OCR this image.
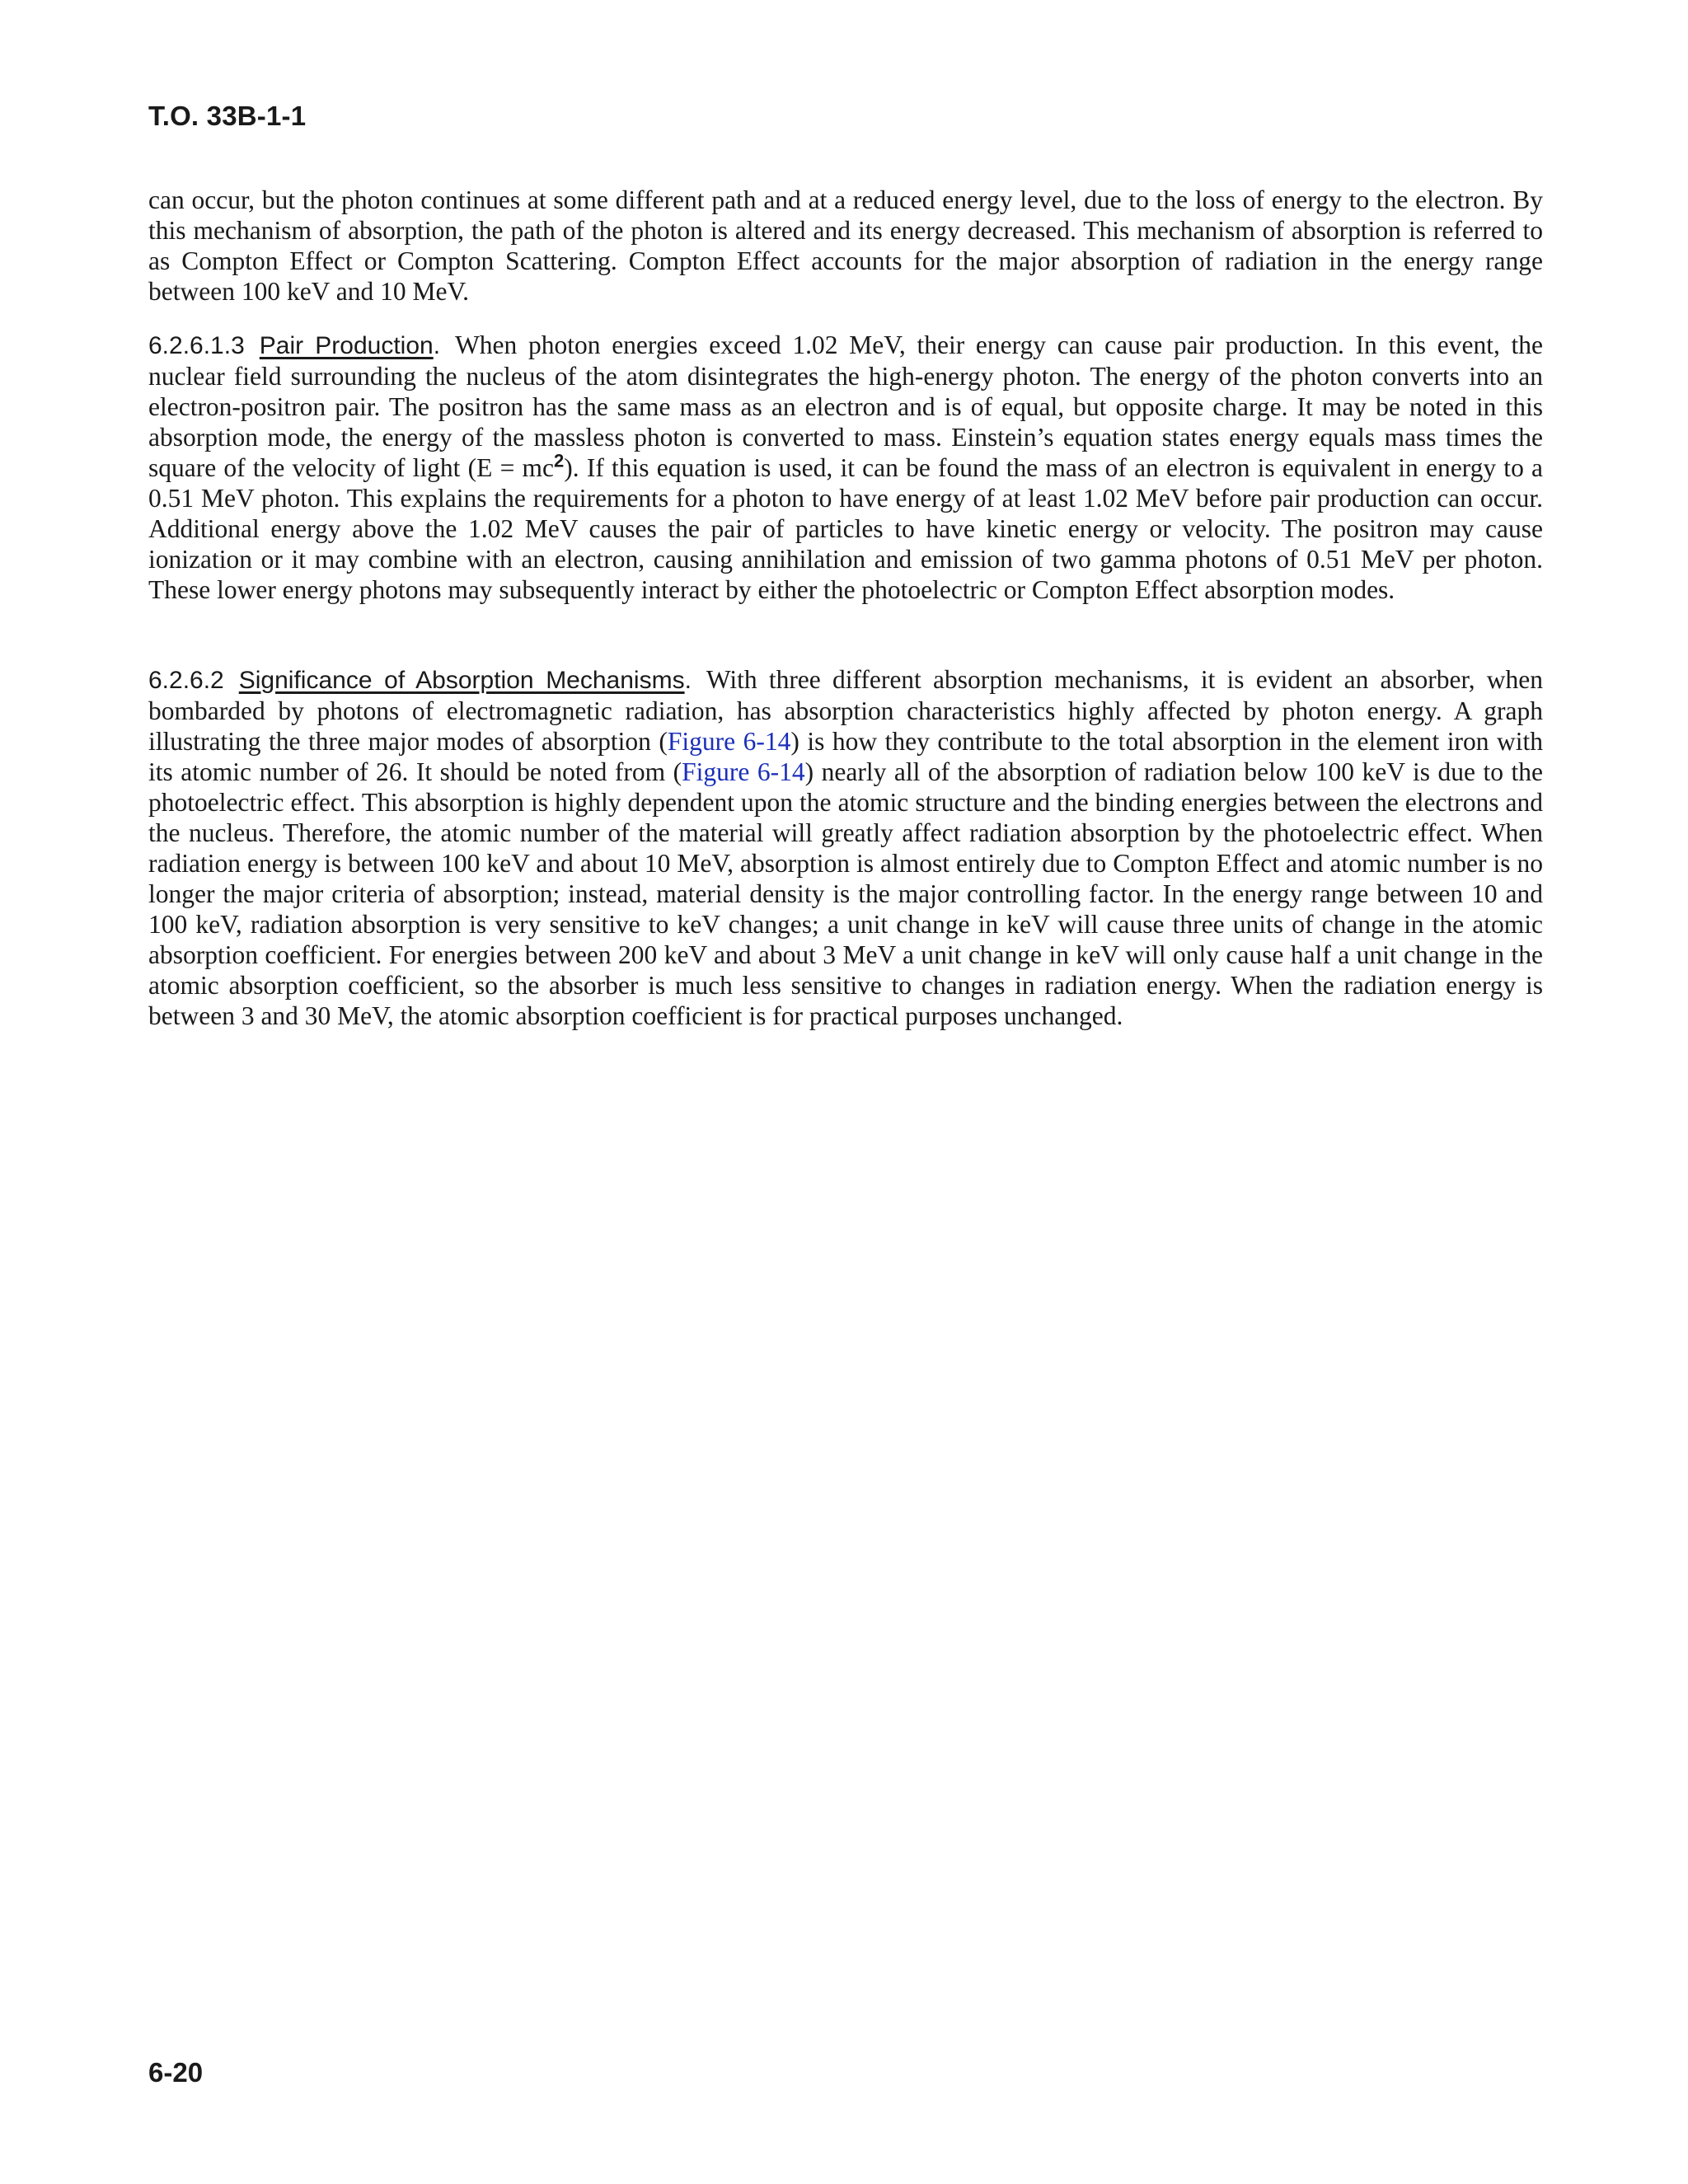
T.O. 33B-1-1

can occur, but the photon continues at some different path and at a reduced energy level, due to the loss of energy to the electron. By this mechanism of absorption, the path of the photon is altered and its energy decreased. This mechanism of absorption is referred to as Compton Effect or Compton Scattering. Compton Effect accounts for the major absorption of radiation in the energy range between 100 keV and 10 MeV.

6.2.6.1.3 Pair Production. When photon energies exceed 1.02 MeV, their energy can cause pair production. In this event, the nuclear field surrounding the nucleus of the atom disintegrates the high-energy photon. The energy of the photon converts into an electron-positron pair. The positron has the same mass as an electron and is of equal, but opposite charge. It may be noted in this absorption mode, the energy of the massless photon is converted to mass. Einstein’s equation states energy equals mass times the square of the velocity of light $(E = mc^2)$. If this equation is used, it can be found the mass of an electron is equivalent in energy to a 0.51 MeV photon. This explains the requirements for a photon to have energy of at least 1.02 MeV before pair production can occur. Additional energy above the 1.02 MeV causes the pair of particles to have kinetic energy or velocity. The positron may cause ionization or it may combine with an electron, causing annihilation and emission of two gamma photons of 0.51 MeV per photon. These lower energy photons may subsequently interact by either the photoelectric or Compton Effect absorption modes.

6.2.6.2 Significance of Absorption Mechanisms. With three different absorption mechanisms, it is evident an absorber, when bombarded by photons of electromagnetic radiation, has absorption characteristics highly affected by photon energy. A graph illustrating the three major modes of absorption (Figure 6-14) is how they contribute to the total absorption in the element iron with its atomic number of 26. It should be noted from (Figure 6-14) nearly all of the absorption of radiation below 100 keV is due to the photoelectric effect. This absorption is highly dependent upon the atomic structure and the binding energies between the electrons and the nucleus. Therefore, the atomic number of the material will greatly affect radiation absorption by the photoelectric effect. When radiation energy is between 100 keV and about 10 MeV, absorption is almost entirely due to Compton Effect and atomic number is no longer the major criteria of absorption; instead, material density is the major controlling factor. In the energy range between 10 and 100 keV, radiation absorption is very sensitive to keV changes; a unit change in keV will cause three units of change in the atomic absorption coefficient. For energies between 200 keV and about 3 MeV a unit change in keV will only cause half a unit change in the atomic absorption coefficient, so the absorber is much less sensitive to changes in radiation energy. When the radiation energy is between 3 and 30 MeV, the atomic absorption coefficient is for practical purposes unchanged.

6-20
